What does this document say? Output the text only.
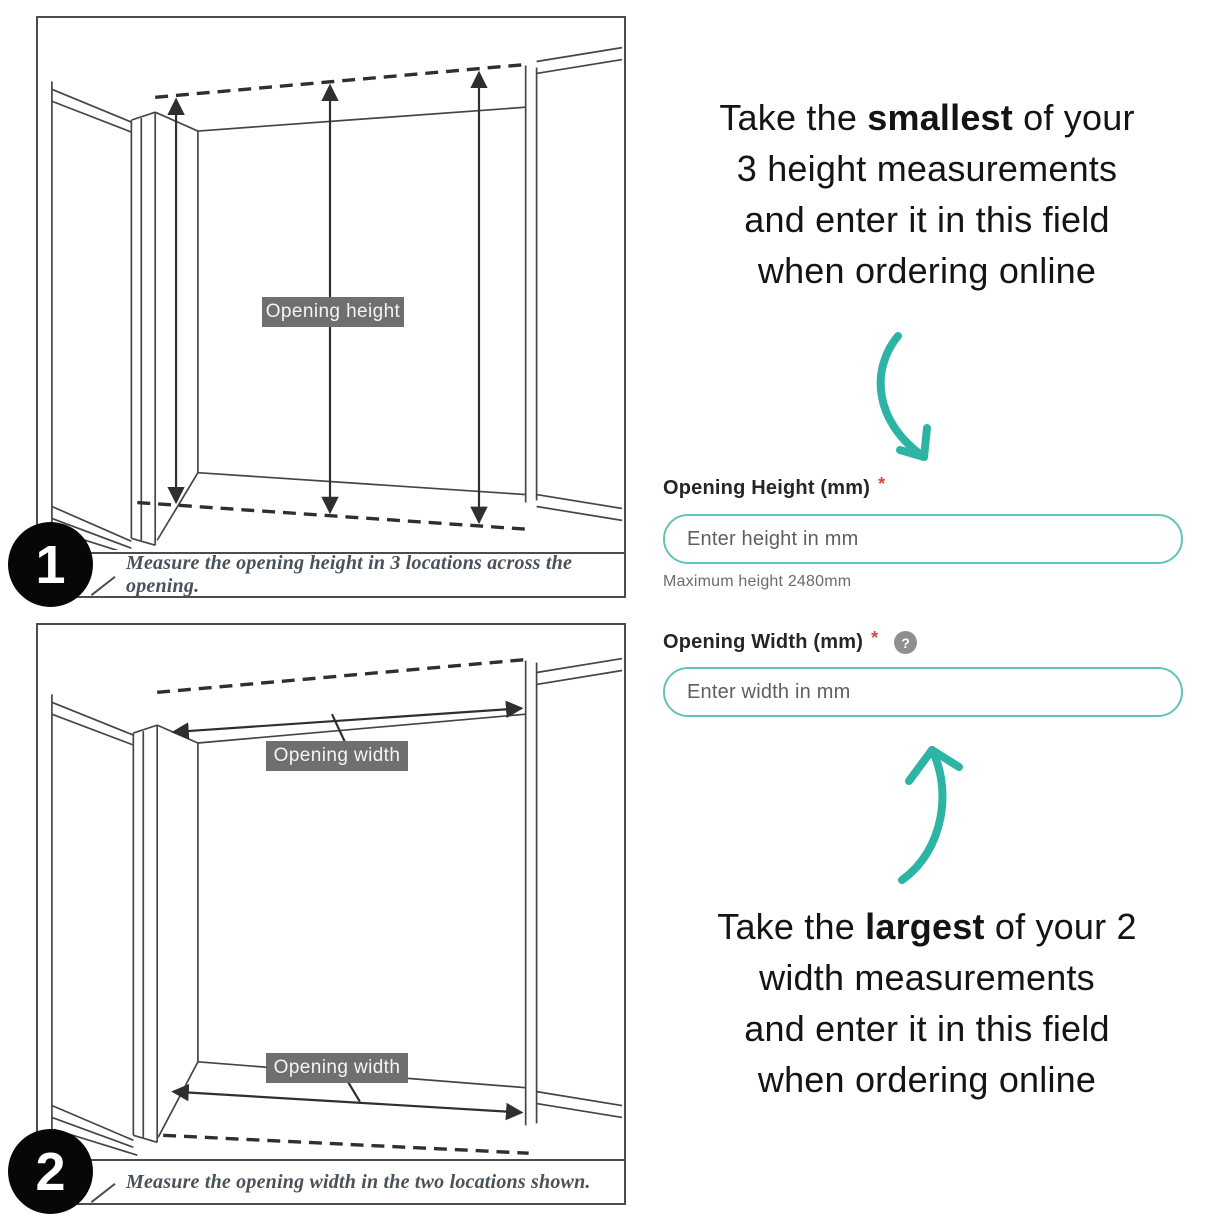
Opening height
Measure the opening height in 3 locations across the opening.
1
Opening width
Opening width
Measure the opening width in the two locations shown.
2
Take the smallest of your
3 height measurements
and enter it in this field
when ordering online
Opening Height (mm) *
Enter height in mm
Maximum height 2480mm
Opening Width (mm) *	?
Enter width in mm
Take the largest of your 2
width measurements
and enter it in this field
when ordering online
